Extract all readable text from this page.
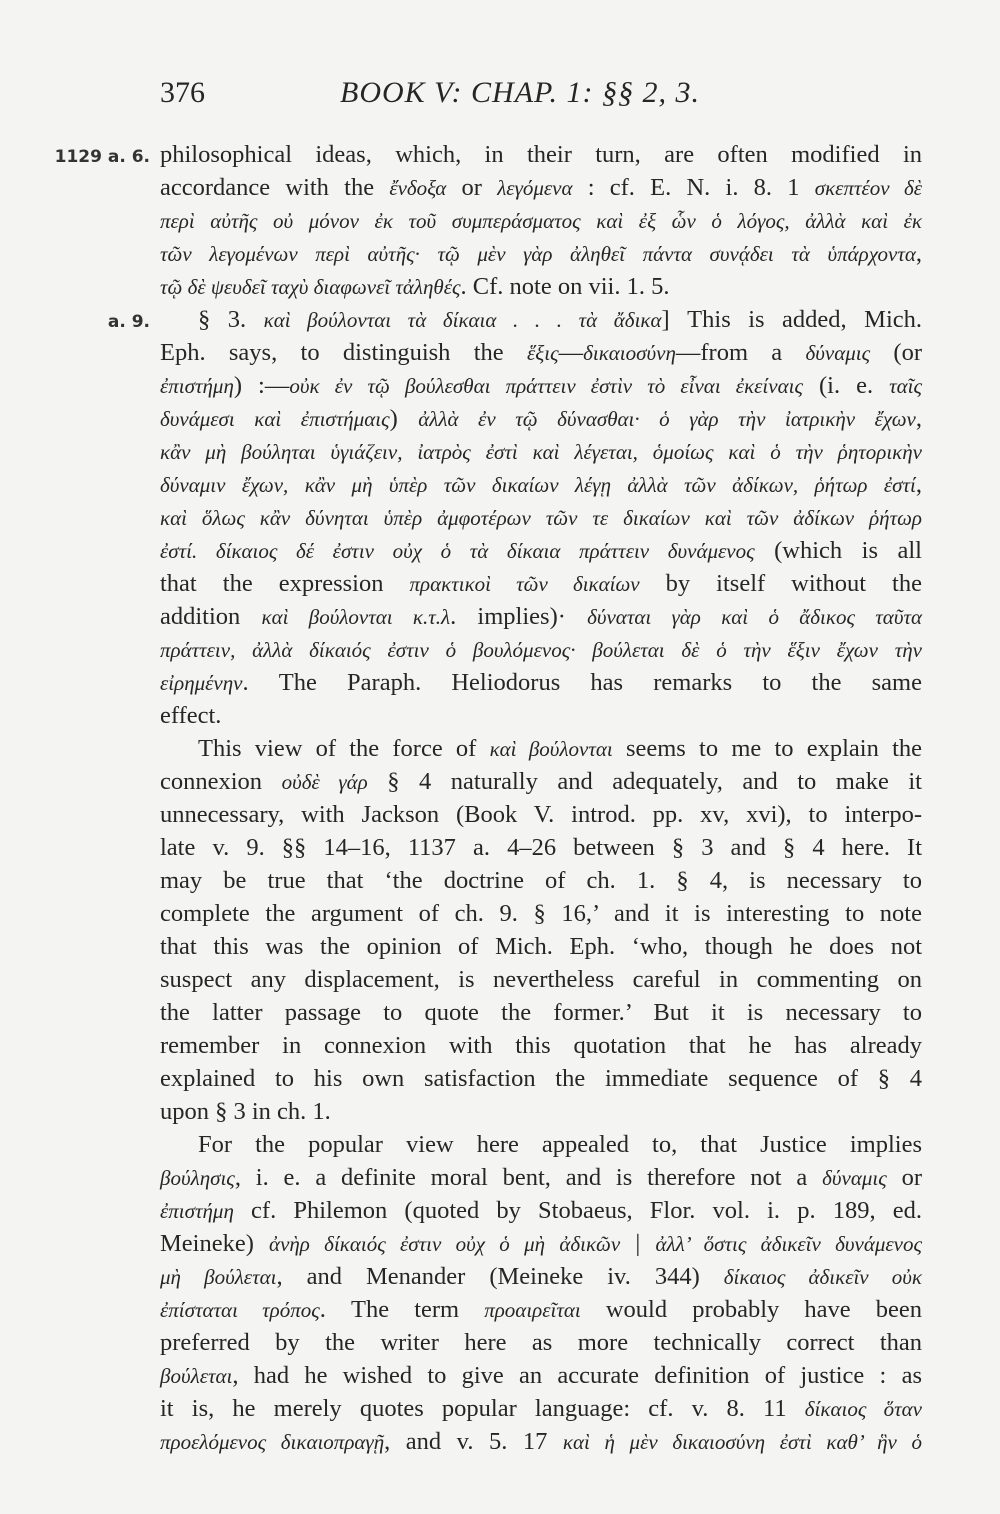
376	BOOK V: CHAP. 1: §§ 2, 3.
1129 a. 6.
a. 9.
philosophical ideas, which, in their turn, are often modified in
accordance with the ἔνδοξα or λεγόμενα : cf. E. N. i. 8. 1 σκεπτέον δὲ
περὶ αὐτῆς οὐ μόνον ἐκ τοῦ συμπεράσματος καὶ ἐξ ὧν ὁ λόγος, ἀλλὰ καὶ ἐκ
τῶν λεγομένων περὶ αὐτῆς· τῷ μὲν γὰρ ἀληθεῖ πάντα συνᾴδει τὰ ὑπάρχοντα,
τῷ δὲ ψευδεῖ ταχὺ διαφωνεῖ τἀληθές. Cf. note on vii. 1. 5.
§ 3. καὶ βούλονται τὰ δίκαια . . . τὰ ἄδικα] This is added, Mich.
Eph. says, to distinguish the ἕξις—δικαιοσύνη—from a δύναμις (or
ἐπιστήμη) :—οὐκ ἐν τῷ βούλεσθαι πράττειν ἐστὶν τὸ εἶναι ἐκείναις (i. e. ταῖς
δυνάμεσι καὶ ἐπιστήμαις) ἀλλὰ ἐν τῷ δύνασθαι· ὁ γὰρ τὴν ἰατρικὴν ἔχων,
κἂν μὴ βούληται ὑγιάζειν, ἰατρὸς ἐστὶ καὶ λέγεται, ὁμοίως καὶ ὁ τὴν ῥητορικὴν
δύναμιν ἔχων, κἂν μὴ ὑπὲρ τῶν δικαίων λέγῃ ἀλλὰ τῶν ἀδίκων, ῥήτωρ ἐστί,
καὶ ὅλως κἂν δύνηται ὑπὲρ ἀμφοτέρων τῶν τε δικαίων καὶ τῶν ἀδίκων ῥήτωρ
ἐστί. δίκαιος δέ ἐστιν οὐχ ὁ τὰ δίκαια πράττειν δυνάμενος (which is all
that the expression πρακτικοὶ τῶν δικαίων by itself without the
addition καὶ βούλονται κ.τ.λ. implies)· δύναται γὰρ καὶ ὁ ἄδικος ταῦτα
πράττειν, ἀλλὰ δίκαιός ἐστιν ὁ βουλόμενος· βούλεται δὲ ὁ τὴν ἕξιν ἔχων τὴν
εἰρημένην. The Paraph. Heliodorus has remarks to the same
effect.
This view of the force of καὶ βούλονται seems to me to explain the
connexion οὐδὲ γάρ § 4 naturally and adequately, and to make it
unnecessary, with Jackson (Book V. introd. pp. xv, xvi), to interpo-
late v. 9. §§ 14–16, 1137 a. 4–26 between § 3 and § 4 here. It
may be true that ‘the doctrine of ch. 1. § 4, is necessary to
complete the argument of ch. 9. § 16,’ and it is interesting to note
that this was the opinion of Mich. Eph. ‘who, though he does not
suspect any displacement, is nevertheless careful in commenting on
the latter passage to quote the former.’ But it is necessary to
remember in connexion with this quotation that he has already
explained to his own satisfaction the immediate sequence of § 4
upon § 3 in ch. 1.
For the popular view here appealed to, that Justice implies
βούλησις, i. e. a definite moral bent, and is therefore not a δύναμις or
ἐπιστήμη cf. Philemon (quoted by Stobaeus, Flor. vol. i. p. 189, ed.
Meineke) ἀνὴρ δίκαιός ἐστιν οὐχ ὁ μὴ ἀδικῶν | ἀλλ’ ὅστις ἀδικεῖν δυνάμενος
μὴ βούλεται, and Menander (Meineke iv. 344) δίκαιος ἀδικεῖν οὐκ
ἐπίσταται τρόπος. The term προαιρεῖται would probably have been
preferred by the writer here as more technically correct than
βούλεται, had he wished to give an accurate definition of justice : as
it is, he merely quotes popular language: cf. v. 8. 11 δίκαιος ὅταν
προελόμενος δικαιοπραγῇ, and v. 5. 17 καὶ ἡ μὲν δικαιοσύνη ἐστὶ καθ’ ἣν ὁ
